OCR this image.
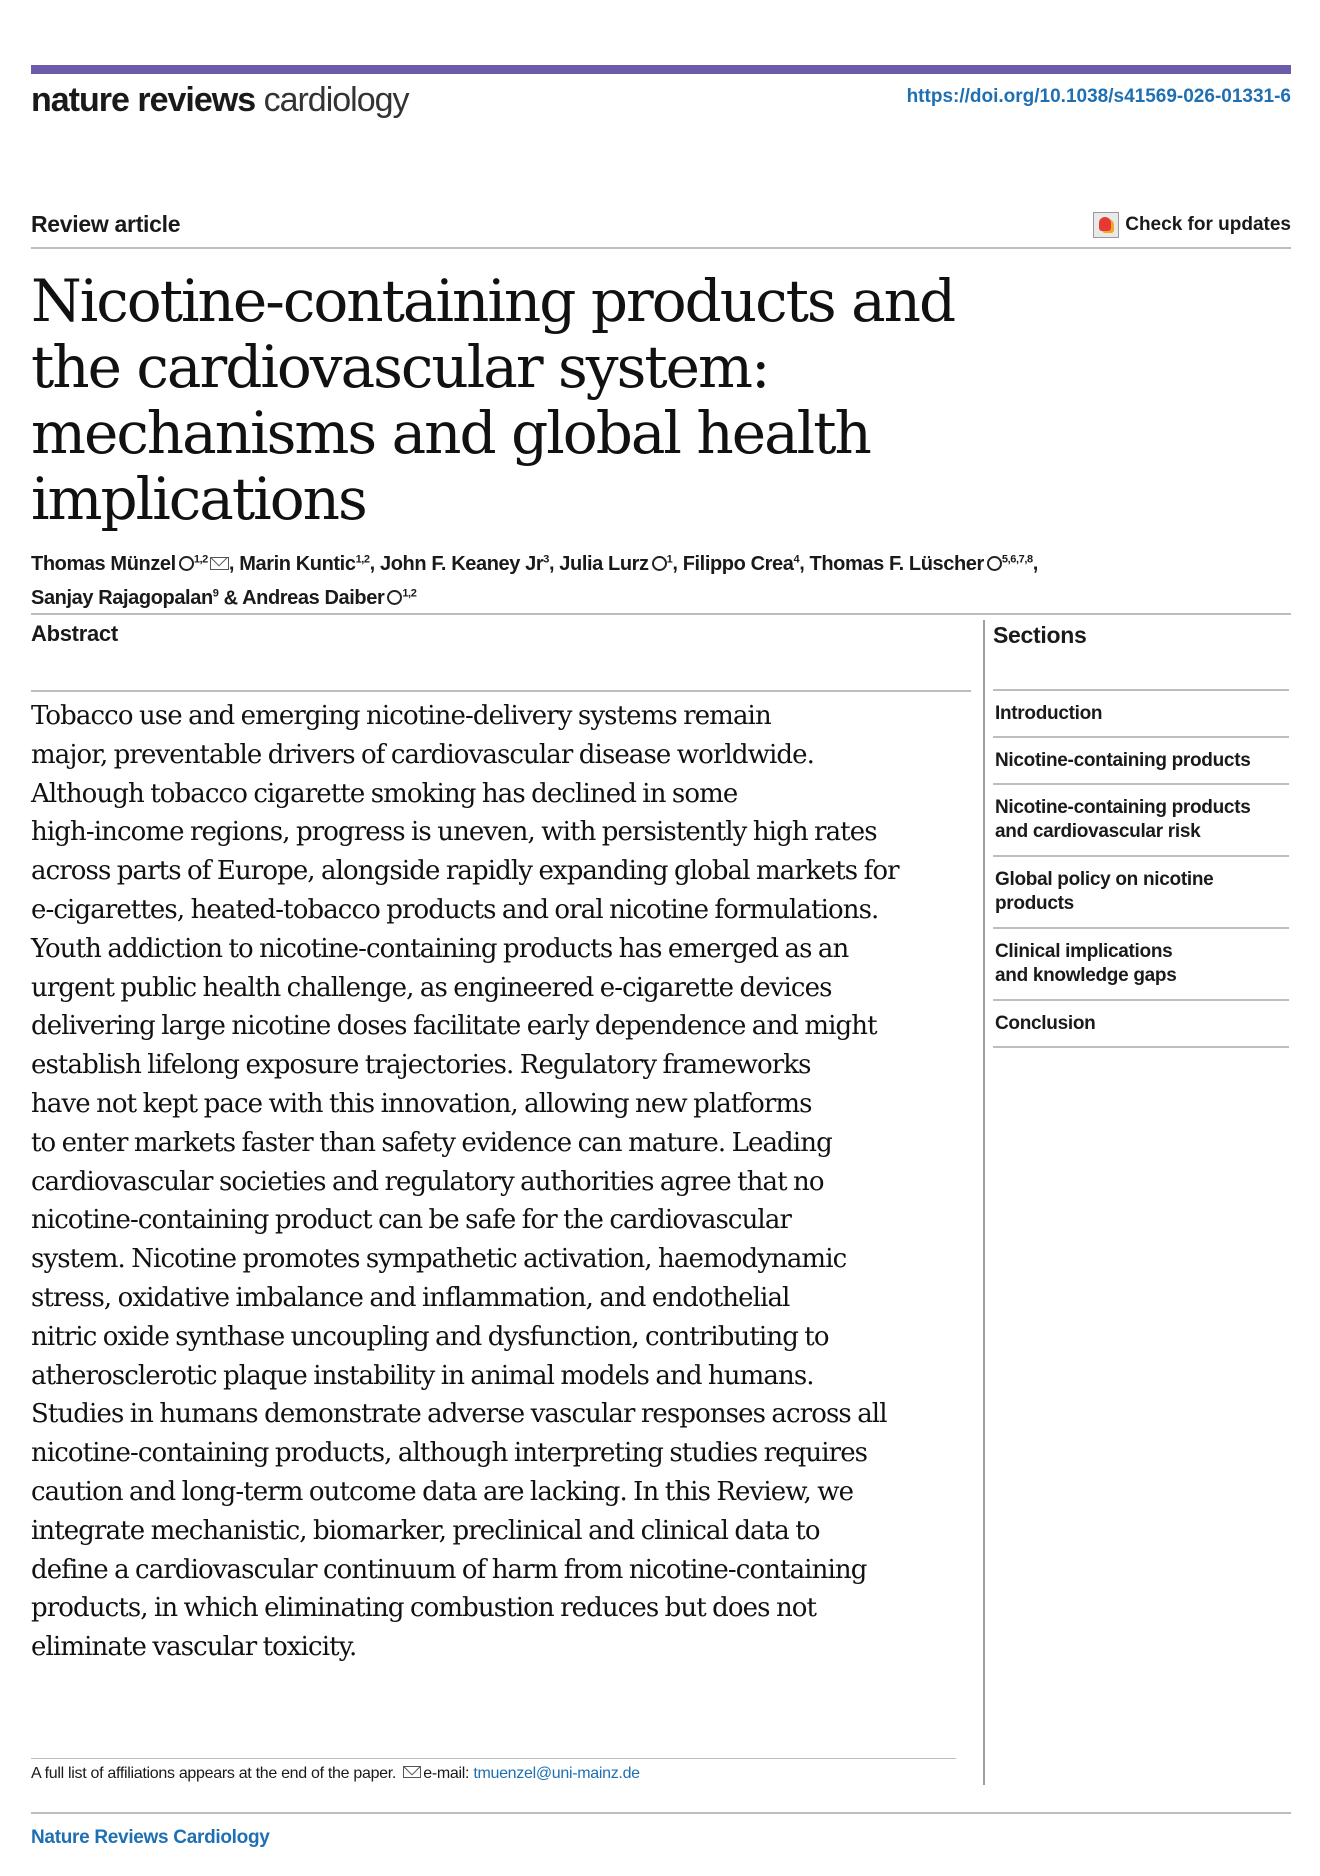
nature reviews cardiology	https://doi.org/10.1038/s41569-026-01331-6
Review article	Check for updates
Nicotine-containing products and the cardiovascular system: mechanisms and global health implications
Thomas Münzel $^{1,2}$ , Marin Kuntic$^{1,2}$, John F. Keaney Jr$^3$, Julia Lurz $^1$, Filippo Crea$^4$, Thomas F. Lüscher $^{5,6,7,8}$,
Sanjay Rajagopalan$^9$ & Andreas Daiber $^{1,2}$
Abstract
Tobacco use and emerging nicotine-delivery systems remain
major, preventable drivers of cardiovascular disease worldwide.
Although tobacco cigarette smoking has declined in some
high-income regions, progress is uneven, with persistently high rates
across parts of Europe, alongside rapidly expanding global markets for
e-cigarettes, heated-tobacco products and oral nicotine formulations.
Youth addiction to nicotine-containing products has emerged as an
urgent public health challenge, as engineered e-cigarette devices
delivering large nicotine doses facilitate early dependence and might
establish lifelong exposure trajectories. Regulatory frameworks
have not kept pace with this innovation, allowing new platforms
to enter markets faster than safety evidence can mature. Leading
cardiovascular societies and regulatory authorities agree that no
nicotine-containing product can be safe for the cardiovascular
system. Nicotine promotes sympathetic activation, haemodynamic
stress, oxidative imbalance and inflammation, and endothelial
nitric oxide synthase uncoupling and dysfunction, contributing to
atherosclerotic plaque instability in animal models and humans.
Studies in humans demonstrate adverse vascular responses across all
nicotine-containing products, although interpreting studies requires
caution and long-term outcome data are lacking. In this Review, we
integrate mechanistic, biomarker, preclinical and clinical data to
define a cardiovascular continuum of harm from nicotine-containing
products, in which eliminating combustion reduces but does not
eliminate vascular toxicity.
Sections
Introduction
Nicotine-containing products
Nicotine-containing products
and cardiovascular risk
Global policy on nicotine
products
Clinical implications
and knowledge gaps
Conclusion
A full list of affiliations appears at the end of the paper. e-mail: tmuenzel@uni-mainz.de
Nature Reviews Cardiology
